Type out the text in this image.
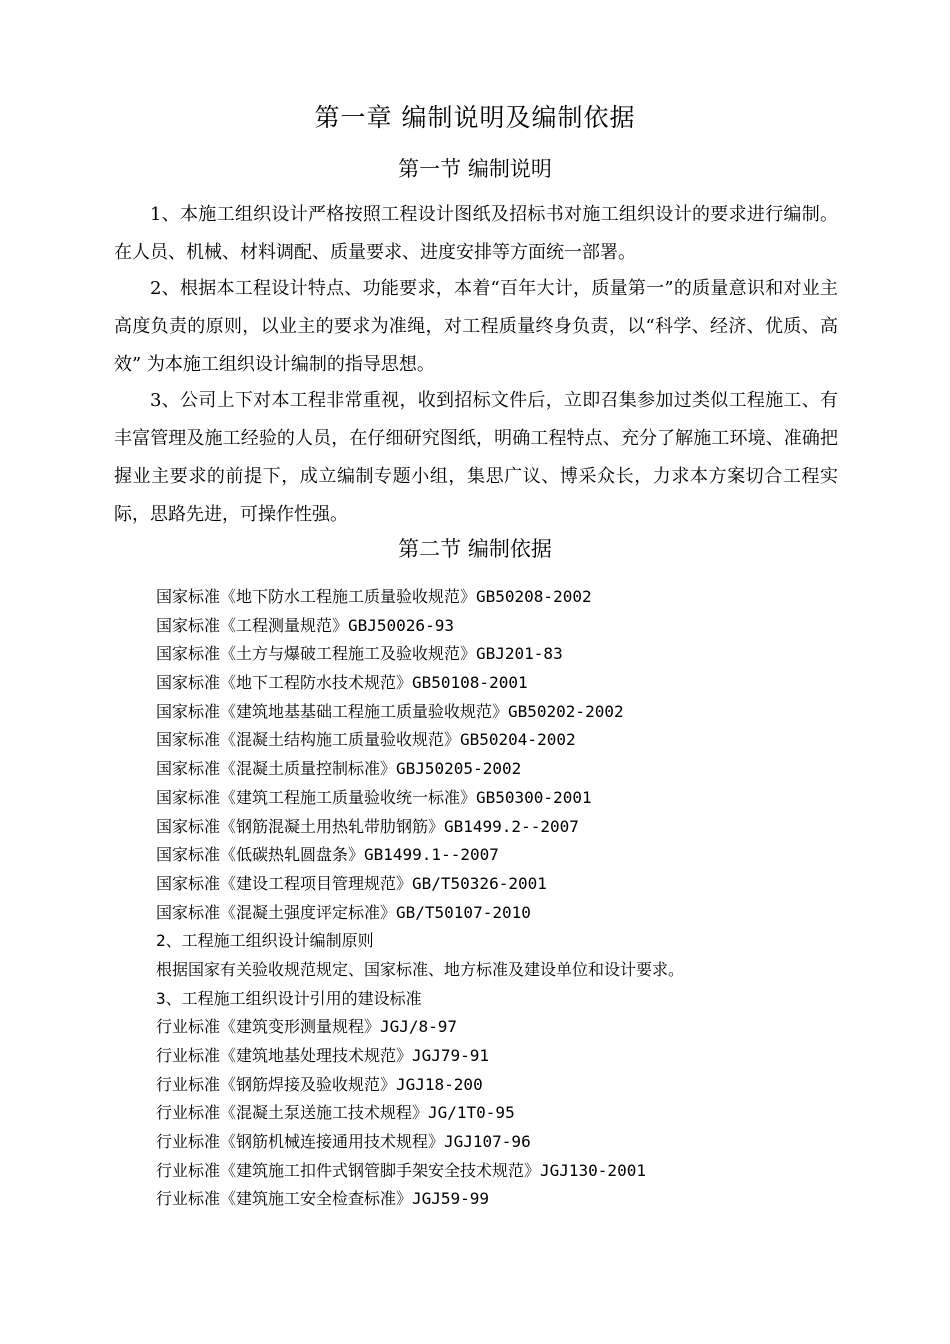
第一章 编制说明及编制依据
第一节 编制说明

1、本施工组织设计严格按照工程设计图纸及招标书对施工组织设计的要求进行编制。在人员、机械、材料调配、质量要求、进度安排等方面统一部署。

2、根据本工程设计特点、功能要求，本着“百年大计，质量第一”的质量意识和对业主高度负责的原则，以业主的要求为准绳，对工程质量终身负责，以“科学、经济、优质、高效” 为本施工组织设计编制的指导思想。

3、公司上下对本工程非常重视，收到招标文件后，立即召集参加过类似工程施工、有丰富管理及施工经验的人员，在仔细研究图纸，明确工程特点、充分了解施工环境、准确把握业主要求的前提下，成立编制专题小组，集思广议、博采众长，力求本方案切合工程实际，思路先进，可操作性强。

第二节 编制依据
国家标准《地下防水工程施工质量验收规范》GB50208-2002
国家标准《工程测量规范》GBJ50026-93
国家标准《土方与爆破工程施工及验收规范》GBJ201-83
国家标准《地下工程防水技术规范》GB50108-2001
国家标准《建筑地基基础工程施工质量验收规范》GB50202-2002
国家标准《混凝土结构施工质量验收规范》GB50204-2002
国家标准《混凝土质量控制标准》GBJ50205-2002
国家标准《建筑工程施工质量验收统一标准》GB50300-2001
国家标准《钢筋混凝土用热轧带肋钢筋》GB1499.2--2007
国家标准《低碳热轧圆盘条》GB1499.1--2007
国家标准《建设工程项目管理规范》GB/T50326-2001
国家标准《混凝土强度评定标准》GB/T50107-2010
2、工程施工组织设计编制原则
根据国家有关验收规范规定、国家标准、地方标准及建设单位和设计要求。
3、工程施工组织设计引用的建设标准
行业标准《建筑变形测量规程》JGJ/8-97
行业标准《建筑地基处理技术规范》JGJ79-91
行业标准《钢筋焊接及验收规范》JGJ18-200
行业标准《混凝土泵送施工技术规程》JG/1T0-95
行业标准《钢筋机械连接通用技术规程》JGJ107-96
行业标准《建筑施工扣件式钢管脚手架安全技术规范》JGJ130-2001
行业标准《建筑施工安全检查标准》JGJ59-99
